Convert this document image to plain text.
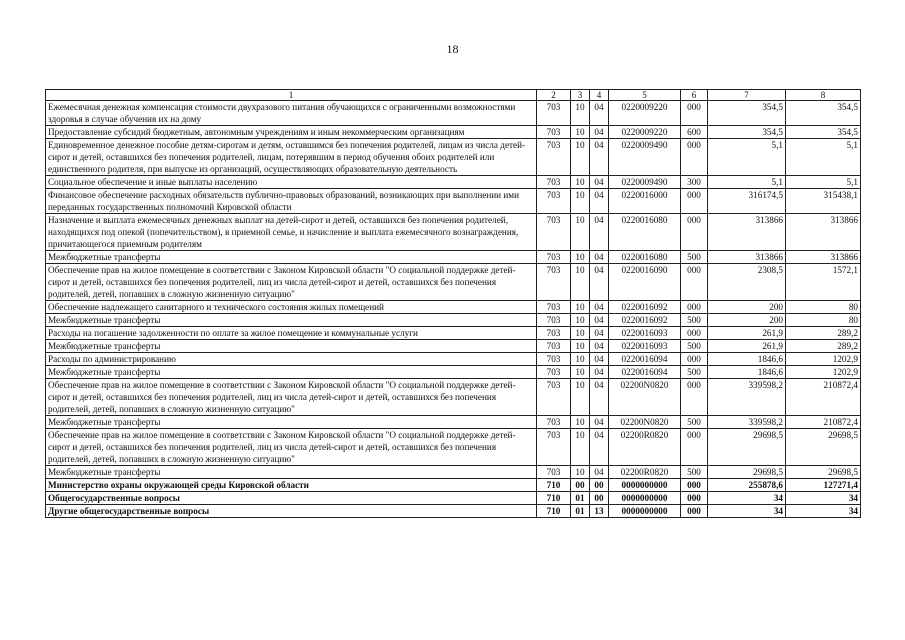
18
1	2	3	4	5	6	7	8
Ежемесячная денежная компенсация стоимости двухразового питания обучающихся с ограниченными возможностями здоровья в случае обучения их на дому	703	10	04	0220009220	000	354,5	354,5
Предоставление субсидий бюджетным, автономным учреждениям и иным некоммерческим организациям	703	10	04	0220009220	600	354,5	354,5
Единовременное денежное пособие детям-сиротам и детям, оставшимся без попечения родителей, лицам из числа детей-сирот и детей, оставшихся без попечения родителей, лицам, потерявшим в период обучения обоих родителей или единственного родителя, при выпуске из организаций, осуществляющих образовательную деятельность	703	10	04	0220009490	000	5,1	5,1
Социальное обеспечение и иные выплаты населению	703	10	04	0220009490	300	5,1	5,1
Финансовое обеспечение расходных обязательств публично-правовых образований, возникающих при выполнении ими переданных государственных полномочий Кировской области	703	10	04	0220016000	000	316174,5	315438,1
Назначение и выплата ежемесячных денежных выплат на детей-сирот и детей, оставшихся без попечения родителей, находящихся под опекой (попечительством), в приемной семье, и начисление и выплата ежемесячного вознаграждения, причитающегося приемным родителям	703	10	04	0220016080	000	313866	313866
Межбюджетные трансферты	703	10	04	0220016080	500	313866	313866
Обеспечение прав на жилое помещение в соответствии с Законом Кировской области "О социальной поддержке детей-сирот и детей, оставшихся без попечения родителей, лиц из числа детей-сирот и детей, оставшихся без попечения родителей, детей, попавших в сложную жизненную ситуацию"	703	10	04	0220016090	000	2308,5	1572,1
Обеспечение надлежащего санитарного и технического состояния жилых помещений	703	10	04	0220016092	000	200	80
Межбюджетные трансферты	703	10	04	0220016092	500	200	80
Расходы на погашение задолженности по оплате за жилое помещение и коммунальные услуги	703	10	04	0220016093	000	261,9	289,2
Межбюджетные трансферты	703	10	04	0220016093	500	261,9	289,2
Расходы по администрированию	703	10	04	0220016094	000	1846,6	1202,9
Межбюджетные трансферты	703	10	04	0220016094	500	1846,6	1202,9
Обеспечение прав на жилое помещение в соответствии с Законом Кировской области "О социальной поддержке детей-сирот и детей, оставшихся без попечения родителей, лиц из числа детей-сирот и детей, оставшихся без попечения родителей, детей, попавших в сложную жизненную ситуацию"	703	10	04	02200N0820	000	339598,2	210872,4
Межбюджетные трансферты	703	10	04	02200N0820	500	339598,2	210872,4
Обеспечение прав на жилое помещение в соответствии с Законом Кировской области "О социальной поддержке детей-сирот и детей, оставшихся без попечения родителей, лиц из числа детей-сирот и детей, оставшихся без попечения родителей, детей, попавших в сложную жизненную ситуацию"	703	10	04	02200R0820	000	29698,5	29698,5
Межбюджетные трансферты	703	10	04	02200R0820	500	29698,5	29698,5
Министерство охраны окружающей среды Кировской области	710	00	00	0000000000	000	255878,6	127271,4
Общегосударственные вопросы	710	01	00	0000000000	000	34	34
Другие общегосударственные вопросы	710	01	13	0000000000	000	34	34
